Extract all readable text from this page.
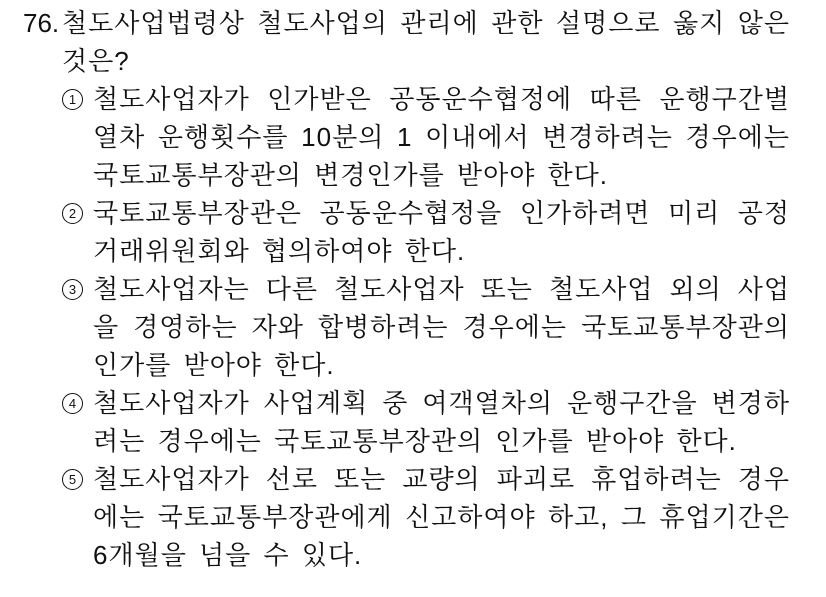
76. 철도사업법령상 철도사업의 관리에 관한 설명으로 옳지 않은 것은?
1 철도사업자가 인가받은 공동운수협정에 따른 운행구간별 열차 운행횟수를 10분의 1 이내에서 변경하려는 경우에는 국토교통부장관의 변경인가를 받아야 한다.
2 국토교통부장관은 공동운수협정을 인가하려면 미리 공정거래위원회와 협의하여야 한다.
3 철도사업자는 다른 철도사업자 또는 철도사업 외의 사업을 경영하는 자와 합병하려는 경우에는 국토교통부장관의 인가를 받아야 한다.
4 철도사업자가 사업계획 중 여객열차의 운행구간을 변경하려는 경우에는 국토교통부장관의 인가를 받아야 한다.
5 철도사업자가 선로 또는 교량의 파괴로 휴업하려는 경우에는 국토교통부장관에게 신고하여야 하고, 그 휴업기간은 6개월을 넘을 수 있다.
